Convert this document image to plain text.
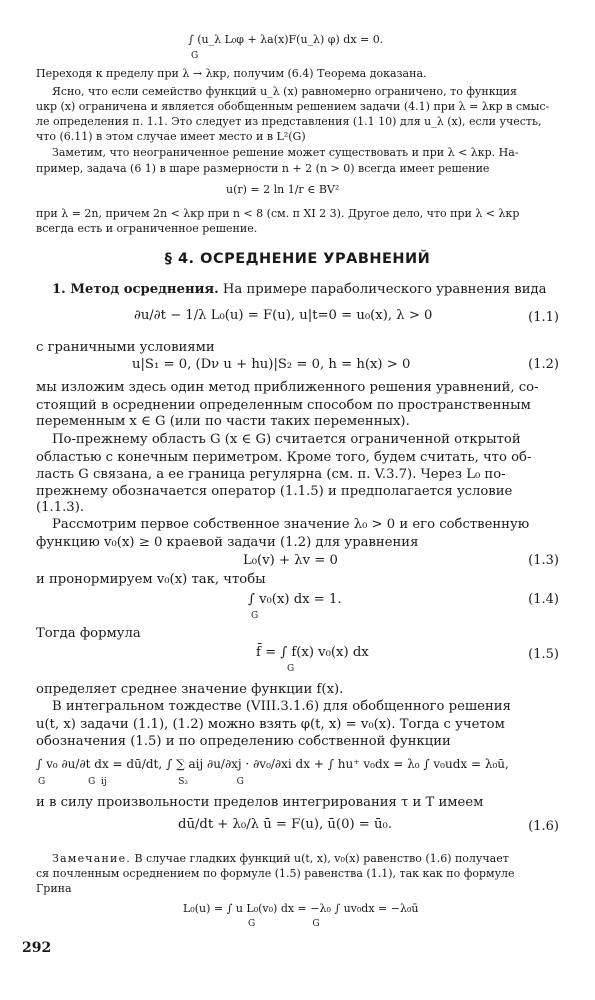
∫ (u_λ L₀φ + λa(x)F(u_λ) φ) dx = 0.
G
Переходя к пределу при λ → λкр, получим (6.4) Теорема доказана.
Ясно, что если семейство функций u_λ (x) равномерно ограничено, то функция
uкр (x) ограничена и является обобщенным решением задачи (4.1) при λ = λкр в смыс-
ле определения п. 1.1. Это следует из представления (1.1 10) для u_λ (x), если учесть,
что (6.11) в этом случае имеет место и в L²(G)
Заметим, что неограниченное решение может существовать и при λ < λкр. На-
пример, задача (6 1) в шаре размерности n + 2 (n > 0) всегда имеет решение
u(r) = 2 ln 1/r ∈ BV²
при λ = 2n, причем 2n < λкр при n < 8 (см. п XI 2 3). Другое дело, что при λ < λкр
всегда есть и ограниченное решение.
§ 4. ОСРЕДНЕНИЕ УРАВНЕНИЙ
1. Метод осреднения. На примере параболического уравнения вида
∂u/∂t − 1/λ L₀(u) = F(u), u|t=0 = u₀(x), λ > 0	(1.1)
с граничными условиями
u|S₁ = 0, (Dν u + hu)|S₂ = 0, h = h(x) > 0	(1.2)
мы изложим здесь один метод приближенного решения уравнений, со-
стоящий в осреднении определенным способом по пространственным
переменным x ∈ G (или по части таких переменных).
По-прежнему область G (x ∈ G) считается ограниченной открытой
областью с конечным периметром. Кроме того, будем считать, что об-
ласть G связана, а ее граница регулярна (см. п. V.3.7). Через L₀ по-
прежнему обозначается оператор (1.1.5) и предполагается условие
(1.1.3).
Рассмотрим первое собственное значение λ₀ > 0 и его собственную
функцию v₀(x) ≥ 0 краевой задачи (1.2) для уравнения
L₀(v) + λv = 0	(1.3)
и пронормируем v₀(x) так, чтобы
∫ v₀(x) dx = 1.
G
(1.4)
Тогда формула
f̄ = ∫ f(x) v₀(x) dx
G
(1.5)
определяет среднее значение функции f(x).
В интегральном тождестве (VIII.3.1.6) для обобщенного решения
u(t, x) задачи (1.1), (1.2) можно взять φ(t, x) = v₀(x). Тогда с учетом
обозначения (1.5) и по определению собственной функции
∫ v₀ ∂u/∂t dx = dū/dt, ∫ ∑ aij ∂u/∂xj · ∂v₀/∂xi dx + ∫ hu⁺ v₀dx = λ₀ ∫ v₀udx = λ₀ū,
G               G  ij                         S₂                 G
и в силу произвольности пределов интегрирования τ и T имеем
dū/dt + λ₀/λ ū = F(u), ū(0) = ū₀.	(1.6)
Замечание. В случае гладких функций u(t, x), v₀(x) равенство (1.6) получает
ся почленным осреднением по формуле (1.5) равенства (1.1), так как по формуле
Грина
L₀(u) = ∫ u L₀(v₀) dx = −λ₀ ∫ uv₀dx = −λ₀ū
G                    G
292
